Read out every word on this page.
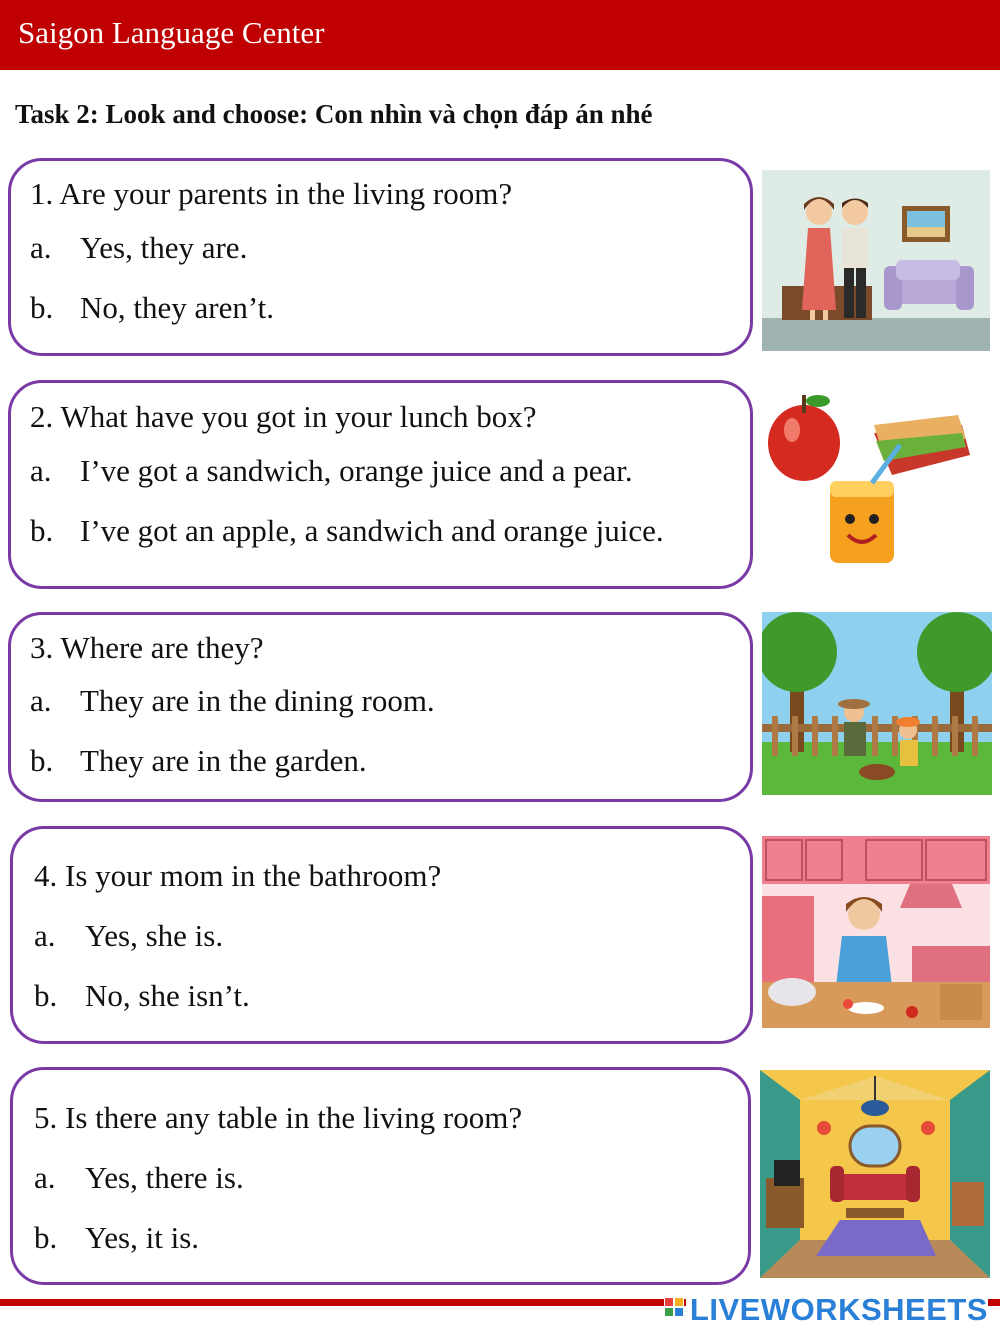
Saigon Language Center
Task 2: Look and choose: Con nhìn và chọn đáp án nhé
1. Are your parents in the living room?
a. Yes, they are.
b. No, they aren’t.
2. What have you got in your lunch box?
a. I’ve got a sandwich, orange juice and a pear.
b. I’ve got an apple, a sandwich and orange juice.
3. Where are they?
a. They are in the dining room.
b. They are in the garden.
4. Is your mom in the bathroom?
a. Yes, she is.
b. No, she isn’t.
5. Is there any table in the living room?
a. Yes, there is.
b. Yes, it is.
LIVEWORKSHEETS
